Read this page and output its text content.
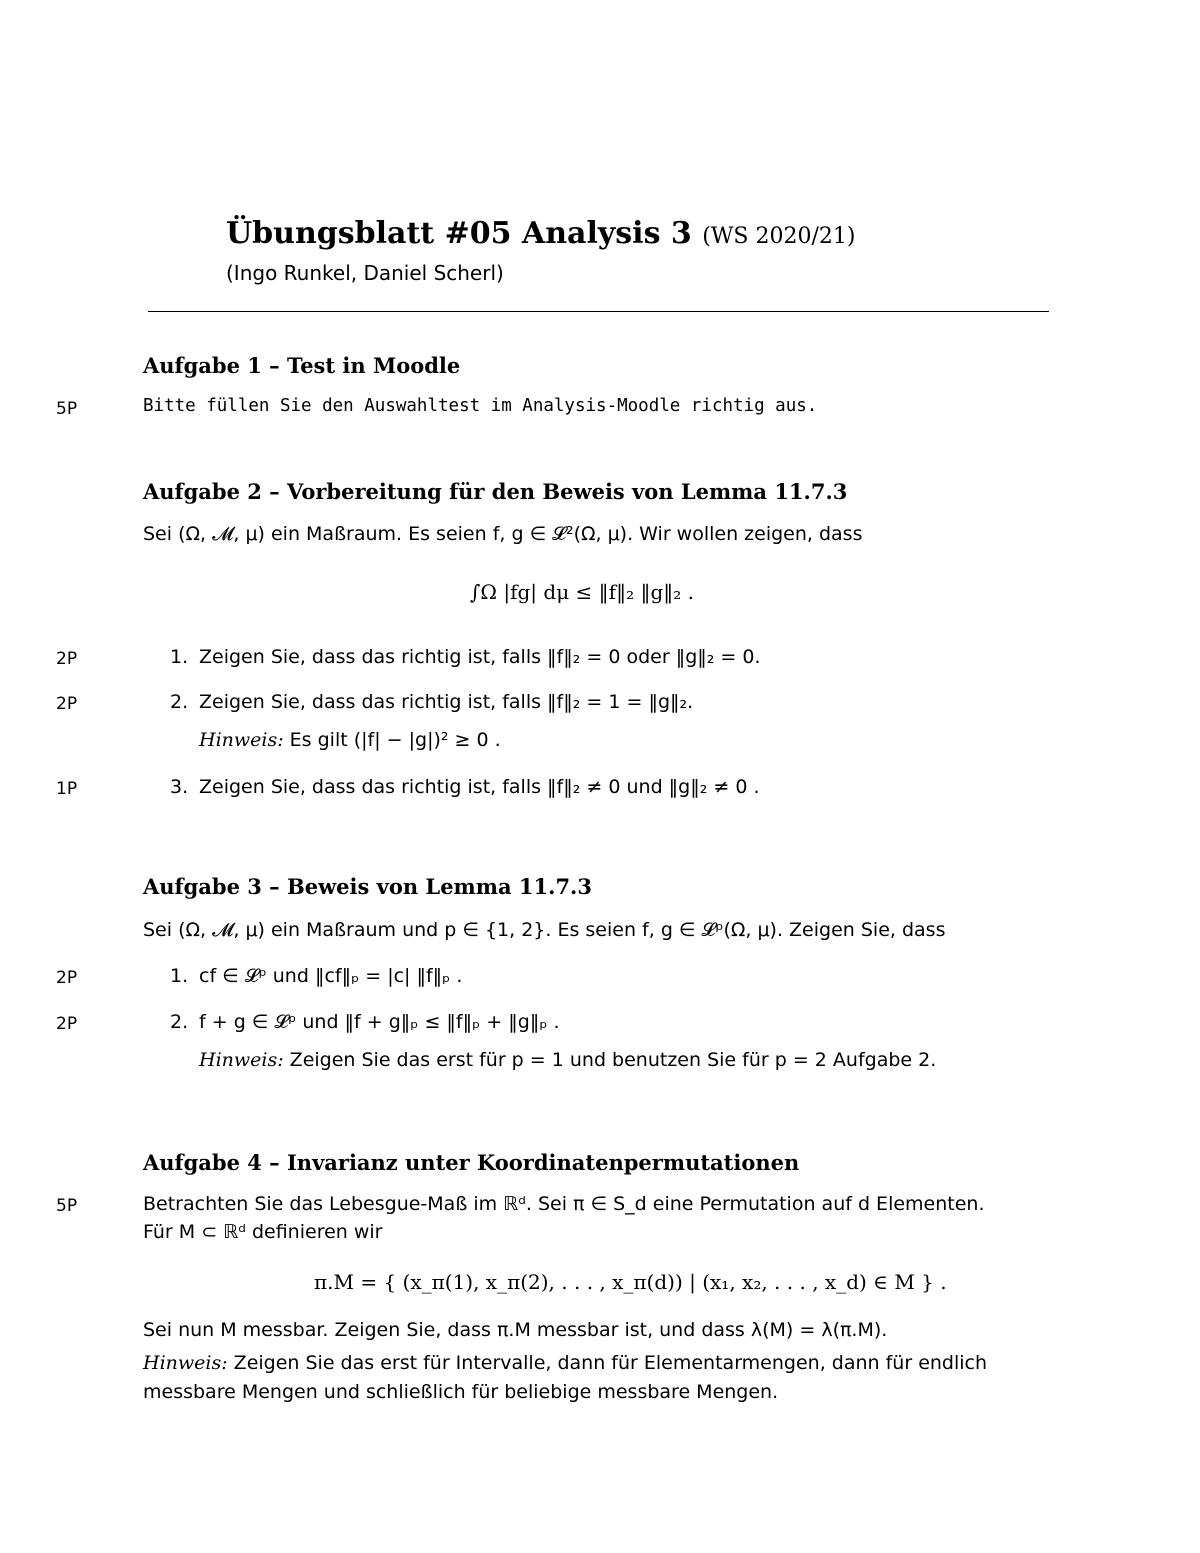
Übungsblatt #05 Analysis 3 (WS 2020/21)
(Ingo Runkel, Daniel Scherl)
Aufgabe 1 – Test in Moodle
5P	Bitte füllen Sie den Auswahltest im Analysis-Moodle richtig aus.
Aufgabe 2 – Vorbereitung für den Beweis von Lemma 11.7.3
Sei (Ω, 𝓜, μ) ein Maßraum. Es seien f, g ∈ 𝓛²(Ω, μ). Wir wollen zeigen, dass
∫Ω |fg| dμ ≤ ‖f‖₂ ‖g‖₂ .
2P	1. Zeigen Sie, dass das richtig ist, falls ‖f‖₂ = 0 oder ‖g‖₂ = 0.
2P	2. Zeigen Sie, dass das richtig ist, falls ‖f‖₂ = 1 = ‖g‖₂.
Hinweis: Es gilt (|f| − |g|)² ≥ 0 .
1P	3. Zeigen Sie, dass das richtig ist, falls ‖f‖₂ ≠ 0 und ‖g‖₂ ≠ 0 .
Aufgabe 3 – Beweis von Lemma 11.7.3
Sei (Ω, 𝓜, μ) ein Maßraum und p ∈ {1, 2}. Es seien f, g ∈ 𝓛ᵖ(Ω, μ). Zeigen Sie, dass
2P	1. cf ∈ 𝓛ᵖ und ‖cf‖ₚ = |c| ‖f‖ₚ .
2P	2. f + g ∈ 𝓛ᵖ und ‖f + g‖ₚ ≤ ‖f‖ₚ + ‖g‖ₚ .
Hinweis: Zeigen Sie das erst für p = 1 und benutzen Sie für p = 2 Aufgabe 2.
Aufgabe 4 – Invarianz unter Koordinatenpermutationen
5P	Betrachten Sie das Lebesgue-Maß im ℝᵈ. Sei π ∈ S_d eine Permutation auf d Elementen.
Für M ⊂ ℝᵈ definieren wir
π.M = { (x_π(1), x_π(2), . . . , x_π(d)) | (x₁, x₂, . . . , x_d) ∈ M } .
Sei nun M messbar. Zeigen Sie, dass π.M messbar ist, und dass λ(M) = λ(π.M).
Hinweis: Zeigen Sie das erst für Intervalle, dann für Elementarmengen, dann für endlich
messbare Mengen und schließlich für beliebige messbare Mengen.
